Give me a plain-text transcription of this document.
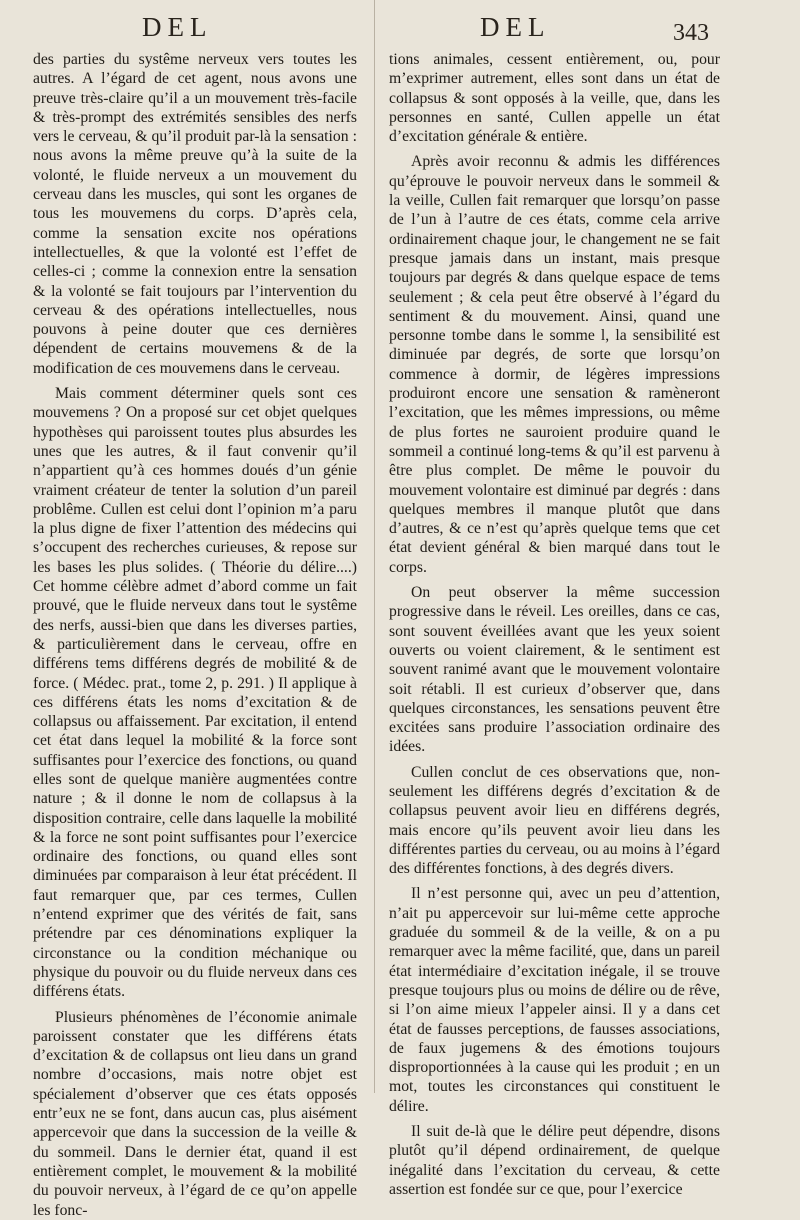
DEL	DEL	343

des parties du systême nerveux vers toutes les autres. A l’égard de cet agent, nous avons une preuve très-claire qu’il a un mouvement très-facile & très-prompt des extrémités sensibles des nerfs vers le cerveau, & qu’il produit par-là la sensation : nous avons la même preuve qu’à la suite de la volonté, le fluide nerveux a un mouvement du cerveau dans les muscles, qui sont les organes de tous les mouvemens du corps. D’après cela, comme la sensation excite nos opérations intellectuelles, & que la volonté est l’effet de celles-ci ; comme la connexion entre la sensation & la volonté se fait toujours par l’intervention du cerveau & des opérations intellectuelles, nous pouvons à peine douter que ces dernières dépendent de certains mouvemens & de la modification de ces mouvemens dans le cerveau.

Mais comment déterminer quels sont ces mouvemens ? On a proposé sur cet objet quelques hypothèses qui paroissent toutes plus absurdes les unes que les autres, & il faut convenir qu’il n’appartient qu’à ces hommes doués d’un génie vraiment créateur de tenter la solution d’un pareil problême. Cullen est celui dont l’opinion m’a paru la plus digne de fixer l’attention des médecins qui s’occupent des recherches curieuses, & repose sur les bases les plus solides. ( Théorie du délire....) Cet homme célèbre admet d’abord comme un fait prouvé, que le fluide nerveux dans tout le systême des nerfs, aussi-bien que dans les diverses parties, & particulièrement dans le cerveau, offre en différens tems différens degrés de mobilité & de force. ( Médec. prat., tome 2, p. 291. ) Il applique à ces différens états les noms d’excitation & de collapsus ou affaissement. Par excitation, il entend cet état dans lequel la mobilité & la force sont suffisantes pour l’exercice des fonctions, ou quand elles sont de quelque manière augmentées contre nature ; & il donne le nom de collapsus à la disposition contraire, celle dans laquelle la mobilité & la force ne sont point suffisantes pour l’exercice ordinaire des fonctions, ou quand elles sont diminuées par comparaison à leur état précédent. Il faut remarquer que, par ces termes, Cullen n’entend exprimer que des vérités de fait, sans prétendre par ces dénominations expliquer la circonstance ou la condition méchanique ou physique du pouvoir ou du fluide nerveux dans ces différens états.

Plusieurs phénomènes de l’économie animale paroissent constater que les différens états d’excitation & de collapsus ont lieu dans un grand nombre d’occasions, mais notre objet est spécialement d’observer que ces états opposés entr’eux ne se font, dans aucun cas, plus aisément appercevoir que dans la succession de la veille & du sommeil. Dans le dernier état, quand il est entièrement complet, le mouvement & la mobilité du pouvoir nerveux, à l’égard de ce qu’on appelle les fonc-

tions animales, cessent entièrement, ou, pour m’exprimer autrement, elles sont dans un état de collapsus & sont opposés à la veille, que, dans les personnes en santé, Cullen appelle un état d’excitation générale & entière.

Après avoir reconnu & admis les différences qu’éprouve le pouvoir nerveux dans le sommeil & la veille, Cullen fait remarquer que lorsqu’on passe de l’un à l’autre de ces états, comme cela arrive ordinairement chaque jour, le changement ne se fait presque jamais dans un instant, mais presque toujours par degrés & dans quelque espace de tems seulement ; & cela peut être observé à l’égard du sentiment & du mouvement. Ainsi, quand une personne tombe dans le somme l, la sensibilité est diminuée par degrés, de sorte que lorsqu’on commence à dormir, de légères impressions produiront encore une sensation & ramèneront l’excitation, que les mêmes impressions, ou même de plus fortes ne sauroient produire quand le sommeil a continué long-tems & qu’il est parvenu à être plus complet. De même le pouvoir du mouvement volontaire est diminué par degrés : dans quelques membres il manque plutôt que dans d’autres, & ce n’est qu’après quelque tems que cet état devient général & bien marqué dans tout le corps.

On peut observer la même succession progressive dans le réveil. Les oreilles, dans ce cas, sont souvent éveillées avant que les yeux soient ouverts ou voient clairement, & le sentiment est souvent ranimé avant que le mouvement volontaire soit rétabli. Il est curieux d’observer que, dans quelques circonstances, les sensations peuvent être excitées sans produire l’association ordinaire des idées.

Cullen conclut de ces observations que, non-seulement les différens degrés d’excitation & de collapsus peuvent avoir lieu en différens degrés, mais encore qu’ils peuvent avoir lieu dans les différentes parties du cerveau, ou au moins à l’égard des différentes fonctions, à des degrés divers.

Il n’est personne qui, avec un peu d’attention, n’ait pu appercevoir sur lui-même cette approche graduée du sommeil & de la veille, & on a pu remarquer avec la même facilité, que, dans un pareil état intermédiaire d’excitation inégale, il se trouve presque toujours plus ou moins de délire ou de rêve, si l’on aime mieux l’appeler ainsi. Il y a dans cet état de fausses perceptions, de fausses associations, de faux jugemens & des émotions toujours disproportionnées à la cause qui les produit ; en un mot, toutes les circonstances qui constituent le délire.

Il suit de-là que le délire peut dépendre, disons plutôt qu’il dépend ordinairement, de quelque inégalité dans l’excitation du cerveau, & cette assertion est fondée sur ce que, pour l’exercice
